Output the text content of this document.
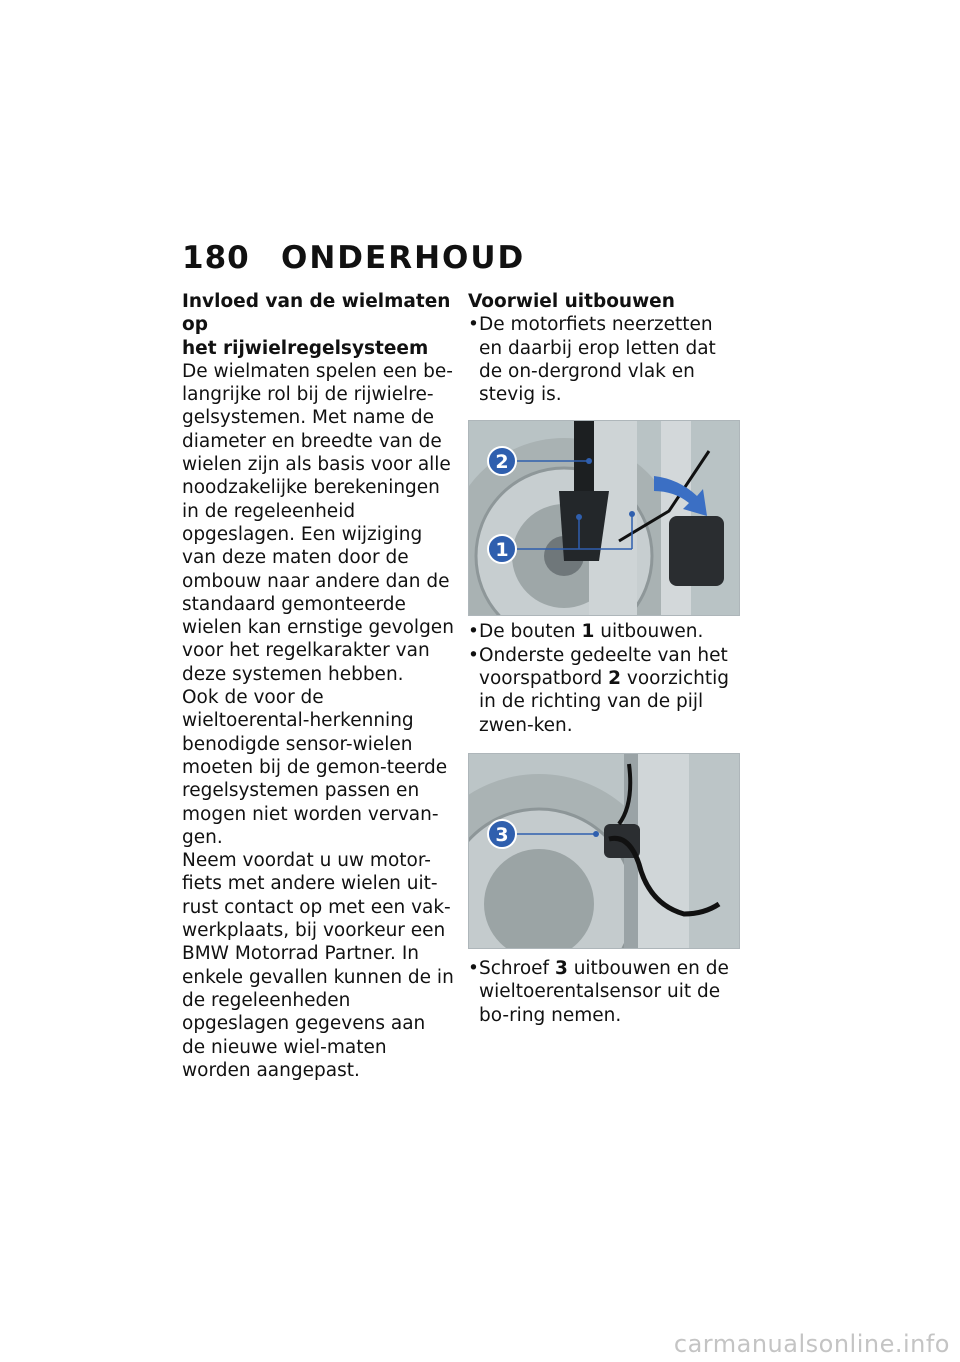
180 ONDERHOUD

Invloed van de wielmaten op
het rijwielregelsysteem

De wielmaten spelen een be-langrijke rol bij de rijwielre-gelsystemen. Met name de diameter en breedte van de wielen zijn als basis voor alle noodzakelijke berekeningen in de regeleenheid opgeslagen. Een wijziging van deze maten door de ombouw naar andere dan de standaard gemonteerde wielen kan ernstige gevolgen voor het regelkarakter van deze systemen hebben.

Ook de voor de wieltoerental-herkenning benodigde sensor-wielen moeten bij de gemon-teerde regelsystemen passen en mogen niet worden vervan-gen.

Neem voordat u uw motor-fiets met andere wielen uit-rust contact op met een vak-werkplaats, bij voorkeur een BMW Motorrad Partner. In enkele gevallen kunnen de in de regeleenheden opgeslagen gegevens aan de nieuwe wiel-maten worden aangepast.

Voorwiel uitbouwen

• De motorfiets neerzetten en daarbij erop letten dat de on-dergrond vlak en stevig is.
2
1
• De bouten 1 uitbouwen.
• Onderste gedeelte van het voorspatbord 2 voorzichtig in de richting van de pijl zwen-ken.
3
• Schroef 3 uitbouwen en de wieltoerentalsensor uit de bo-ring nemen.
carmanualsonline.info
